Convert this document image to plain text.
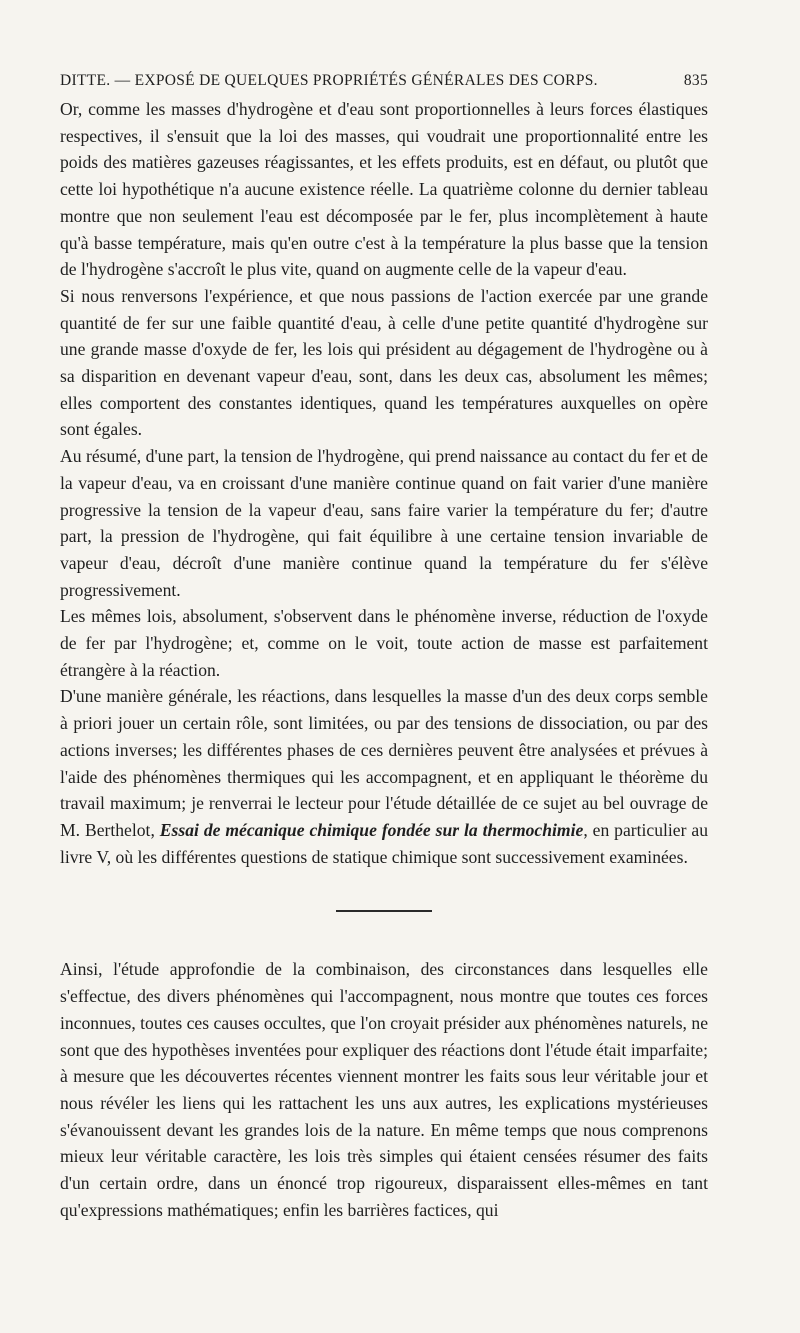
DITTE. — EXPOSÉ DE QUELQUES PROPRIÉTÉS GÉNÉRALES DES CORPS.	835

Or, comme les masses d'hydrogène et d'eau sont proportionnelles à leurs forces élastiques respectives, il s'ensuit que la loi des masses, qui voudrait une proportionnalité entre les poids des matières gazeuses réagissantes, et les effets produits, est en défaut, ou plutôt que cette loi hypothétique n'a aucune existence réelle. La quatrième colonne du dernier tableau montre que non seulement l'eau est décomposée par le fer, plus incomplètement à haute qu'à basse température, mais qu'en outre c'est à la température la plus basse que la tension de l'hydrogène s'accroît le plus vite, quand on augmente celle de la vapeur d'eau.

Si nous renversons l'expérience, et que nous passions de l'action exercée par une grande quantité de fer sur une faible quantité d'eau, à celle d'une petite quantité d'hydrogène sur une grande masse d'oxyde de fer, les lois qui président au dégagement de l'hydrogène ou à sa disparition en devenant vapeur d'eau, sont, dans les deux cas, absolument les mêmes; elles comportent des constantes identiques, quand les températures auxquelles on opère sont égales.

Au résumé, d'une part, la tension de l'hydrogène, qui prend naissance au contact du fer et de la vapeur d'eau, va en croissant d'une manière continue quand on fait varier d'une manière progressive la tension de la vapeur d'eau, sans faire varier la température du fer; d'autre part, la pression de l'hydrogène, qui fait équilibre à une certaine tension invariable de vapeur d'eau, décroît d'une manière continue quand la température du fer s'élève progressivement.

Les mêmes lois, absolument, s'observent dans le phénomène inverse, réduction de l'oxyde de fer par l'hydrogène; et, comme on le voit, toute action de masse est parfaitement étrangère à la réaction.

D'une manière générale, les réactions, dans lesquelles la masse d'un des deux corps semble à priori jouer un certain rôle, sont limitées, ou par des tensions de dissociation, ou par des actions inverses; les différentes phases de ces dernières peuvent être analysées et prévues à l'aide des phénomènes thermiques qui les accompagnent, et en appliquant le théorème du travail maximum; je renverrai le lecteur pour l'étude détaillée de ce sujet au bel ouvrage de M. Berthelot, Essai de mécanique chimique fondée sur la thermochimie, en particulier au livre V, où les différentes questions de statique chimique sont successivement examinées.

Ainsi, l'étude approfondie de la combinaison, des circonstances dans lesquelles elle s'effectue, des divers phénomènes qui l'accompagnent, nous montre que toutes ces forces inconnues, toutes ces causes occultes, que l'on croyait présider aux phénomènes naturels, ne sont que des hypothèses inventées pour expliquer des réactions dont l'étude était imparfaite; à mesure que les découvertes récentes viennent montrer les faits sous leur véritable jour et nous révéler les liens qui les rattachent les uns aux autres, les explications mystérieuses s'évanouissent devant les grandes lois de la nature. En même temps que nous comprenons mieux leur véritable caractère, les lois très simples qui étaient censées résumer des faits d'un certain ordre, dans un énoncé trop rigoureux, disparaissent elles-mêmes en tant qu'expressions mathématiques; enfin les barrières factices, qui
